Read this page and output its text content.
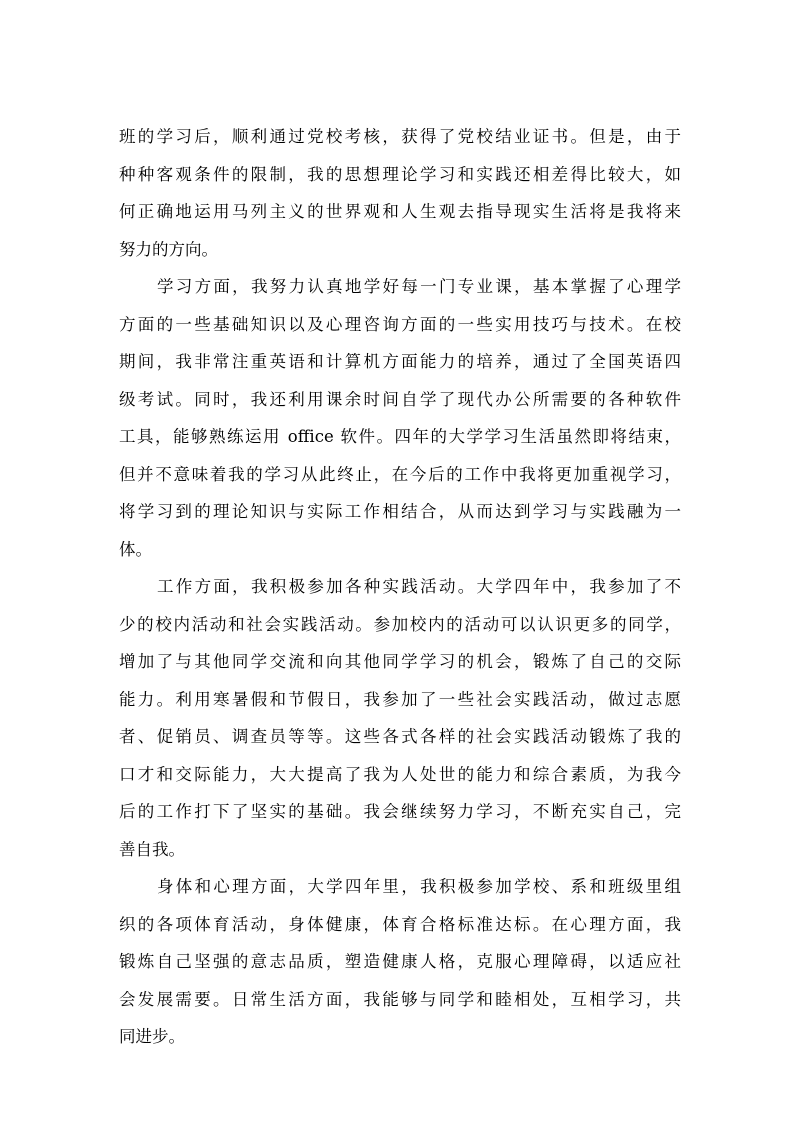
班的学习后，顺利通过党校考核，获得了党校结业证书。但是，由于
种种客观条件的限制，我的思想理论学习和实践还相差得比较大，如
何正确地运用马列主义的世界观和人生观去指导现实生活将是我将来
努力的方向。
学习方面，我努力认真地学好每一门专业课，基本掌握了心理学
方面的一些基础知识以及心理咨询方面的一些实用技巧与技术。在校
期间，我非常注重英语和计算机方面能力的培养，通过了全国英语四
级考试。同时，我还利用课余时间自学了现代办公所需要的各种软件
工具，能够熟练运用 office 软件。四年的大学学习生活虽然即将结束，
但并不意味着我的学习从此终止，在今后的工作中我将更加重视学习，
将学习到的理论知识与实际工作相结合，从而达到学习与实践融为一
体。
工作方面，我积极参加各种实践活动。大学四年中，我参加了不
少的校内活动和社会实践活动。参加校内的活动可以认识更多的同学，
增加了与其他同学交流和向其他同学学习的机会，锻炼了自己的交际
能力。利用寒暑假和节假日，我参加了一些社会实践活动，做过志愿
者、促销员、调查员等等。这些各式各样的社会实践活动锻炼了我的
口才和交际能力，大大提高了我为人处世的能力和综合素质，为我今
后的工作打下了坚实的基础。我会继续努力学习，不断充实自己，完
善自我。
身体和心理方面，大学四年里，我积极参加学校、系和班级里组
织的各项体育活动，身体健康，体育合格标准达标。在心理方面，我
锻炼自己坚强的意志品质，塑造健康人格，克服心理障碍，以适应社
会发展需要。日常生活方面，我能够与同学和睦相处，互相学习，共
同进步。
